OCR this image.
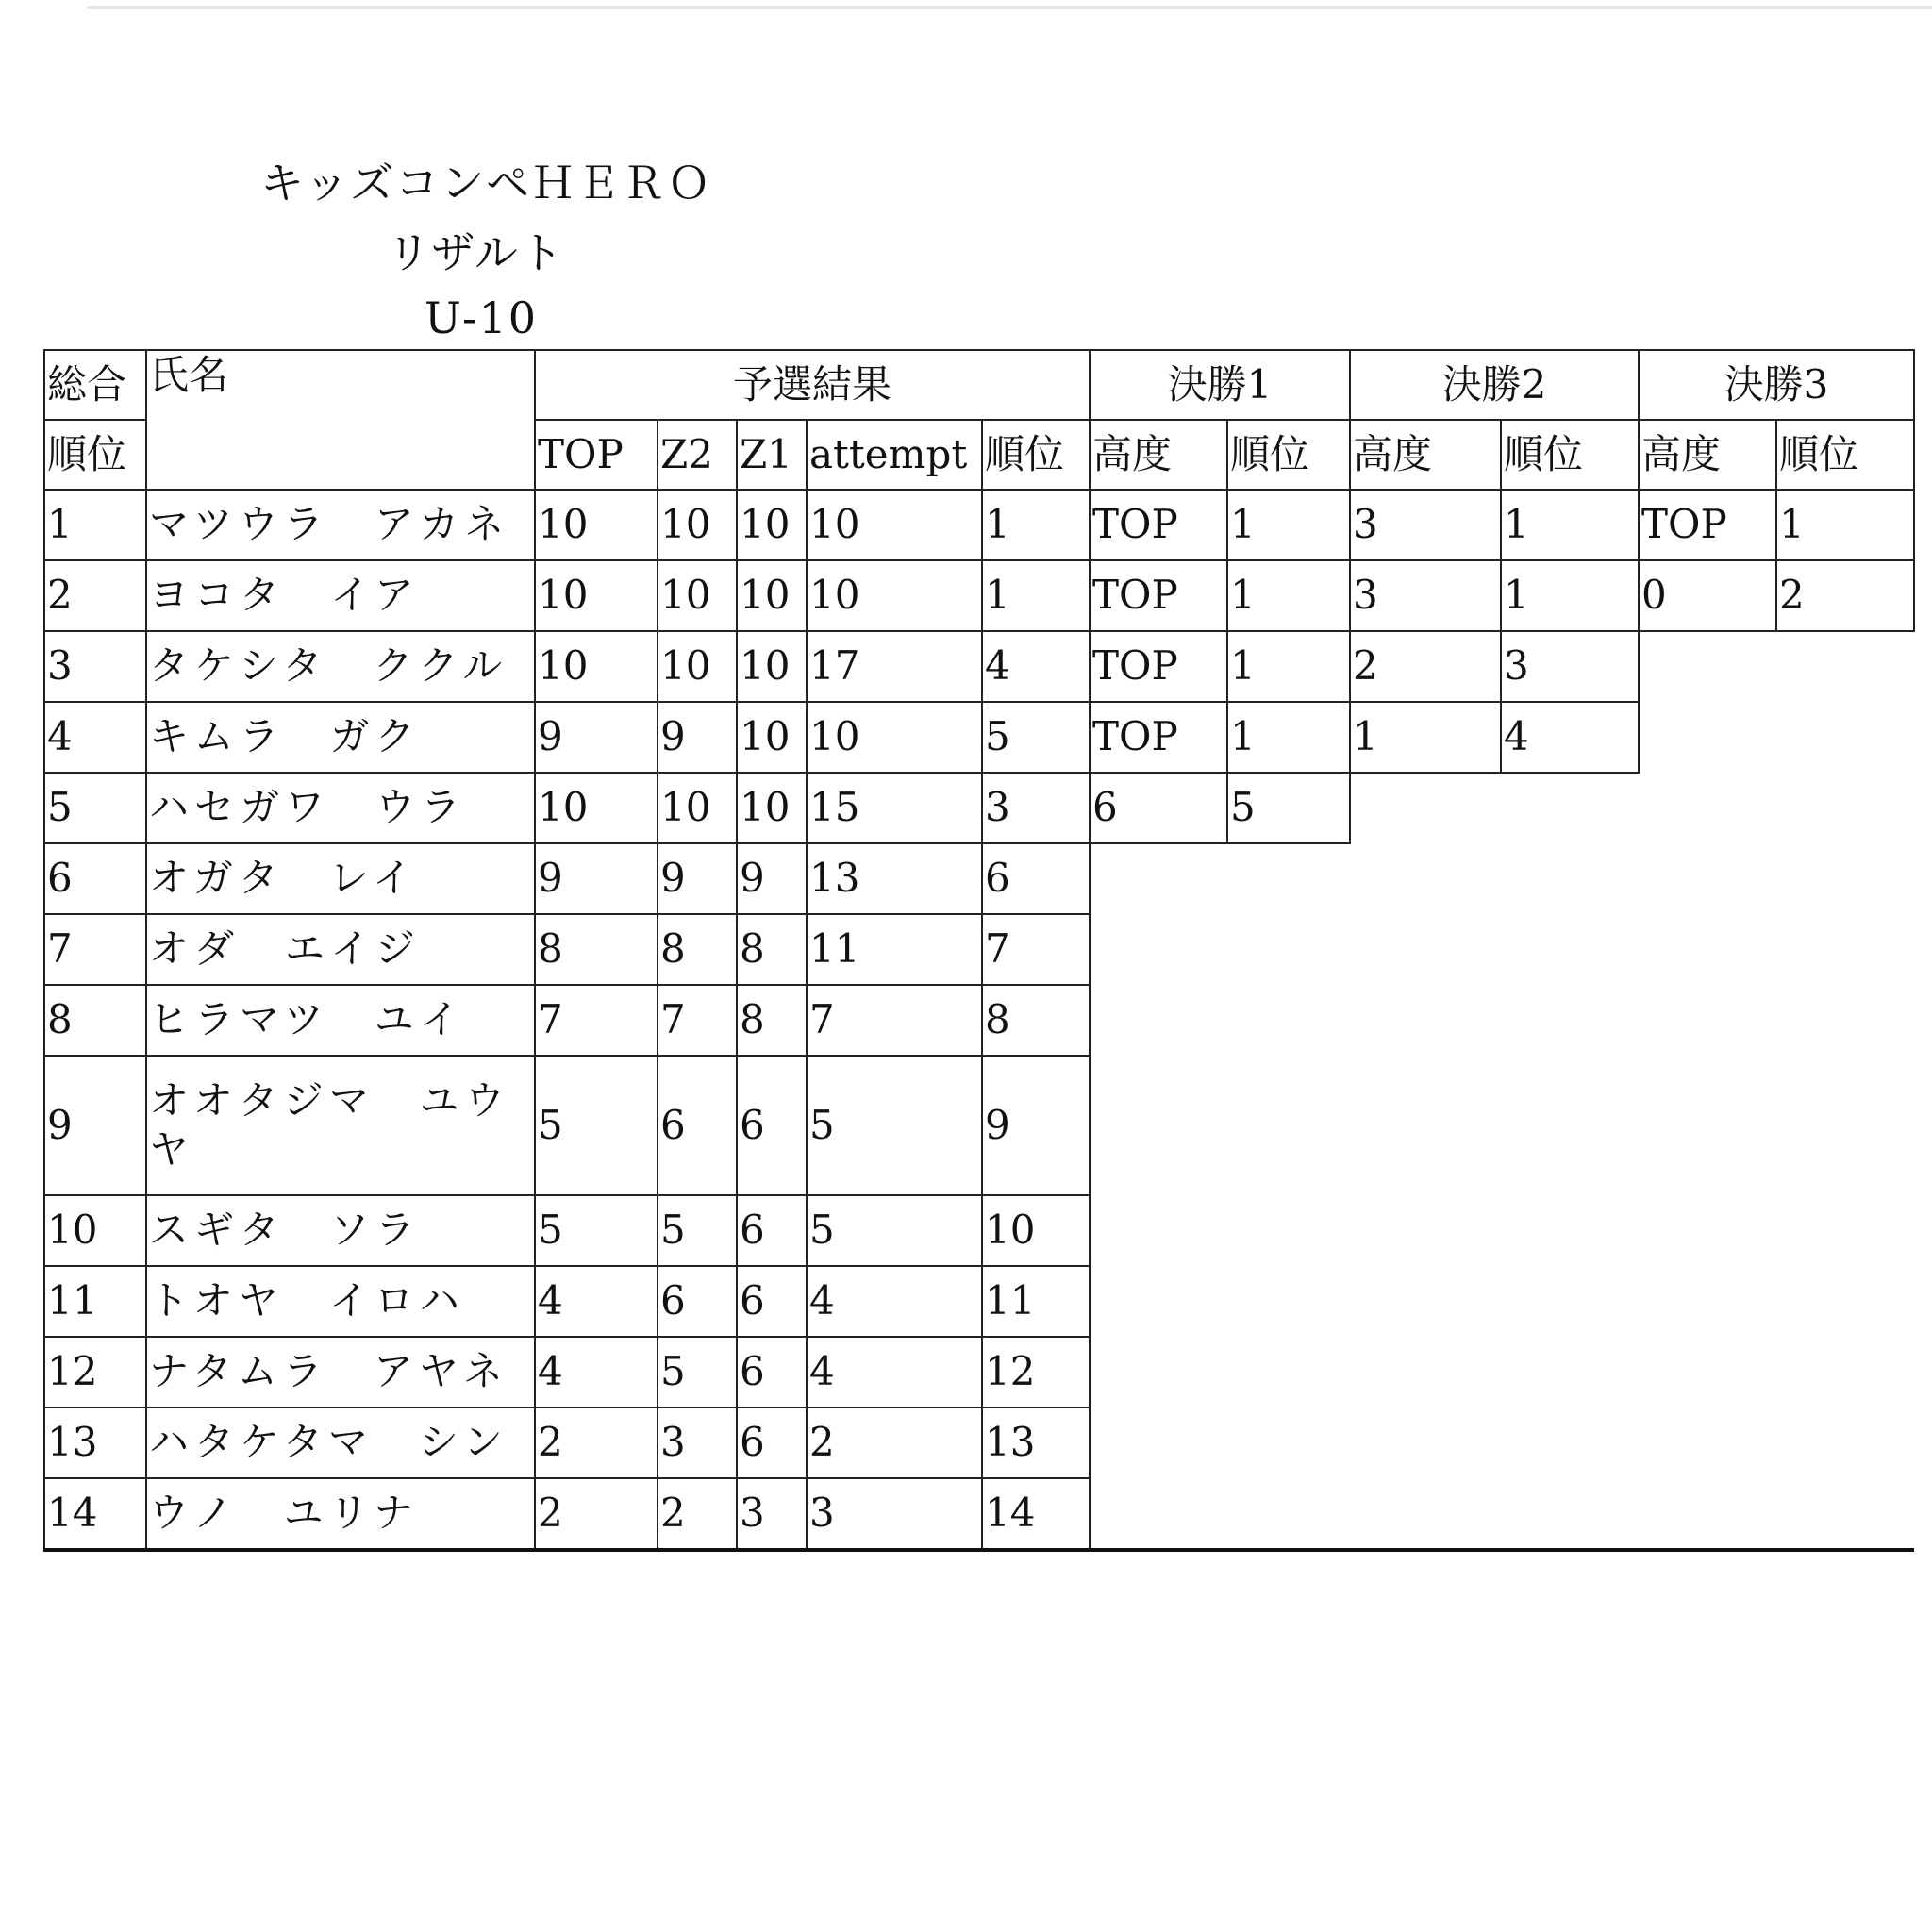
キッズコンペＨＥＲＯ
リザルト
U-10
総合	氏名	予選結果					決勝1		決勝2		決勝3	
順位		TOP	Z2	Z1	attempt	順位	高度	順位	高度	順位	高度	順位
1	マツウラ　アカネ	10	10	10	10	1	TOP	1	3	1	TOP	1
2	ヨコタ　イア	10	10	10	10	1	TOP	1	3	1	0	2
3	タケシタ　ククル	10	10	10	17	4	TOP	1	2	3		
4	キムラ　ガク	9	9	10	10	5	TOP	1	1	4		
5	ハセガワ　ウラ	10	10	10	15	3	6	5				
6	オガタ　レイ	9	9	9	13	6						
7	オダ　エイジ	8	8	8	11	7						
8	ヒラマツ　ユイ	7	7	8	7	8						
9	オオタジマ　ユウヤ	5	6	6	5	9						
10	スギタ　ソラ	5	5	6	5	10						
11	トオヤ　イロハ	4	6	6	4	11						
12	ナタムラ　アヤネ	4	5	6	4	12						
13	ハタケタマ　シン	2	3	6	2	13						
14	ウノ　ユリナ	2	2	3	3	14						
